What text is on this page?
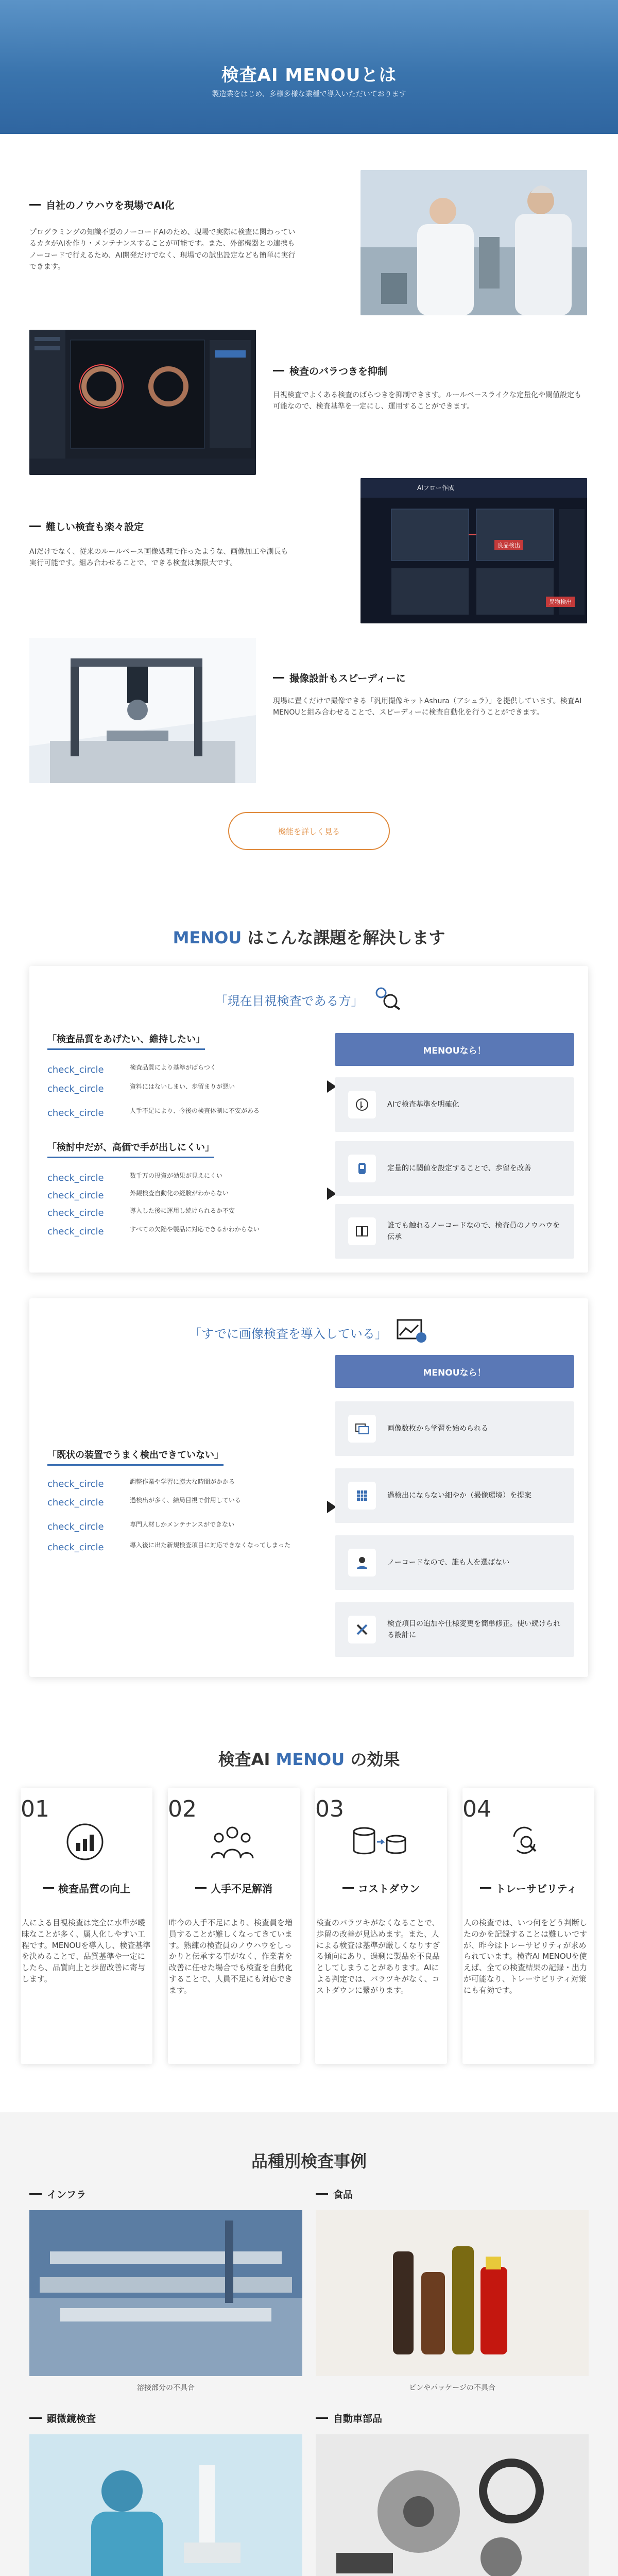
検査AI MENOUとは

製造業をはじめ、多様多様な業種で導入いただいております

自社のノウハウを現場でAI化
プログラミングの知識不要のノーコードAIのため、現場で実際に検査に関わっているカタがAIを作り・メンテナンスすることが可能です。また、外部機器との連携もノーコードで行えるため、AI開発だけでなく、現場での試出設定なども簡単に実行できます。
検査のバラつきを抑制
目視検査でよくある検査のばらつきを抑制できます。ルールベースライクな定量化や閾値設定も可能なので、検査基準を一定にし、運用することができます。
難しい検査も楽々設定
AIだけでなく、従来のルールベース画像処理で作ったような、画像加工や測長も実行可能です。組み合わせることで、できる検査は無限大です。
AIフロー作成
良品検出
異物検出
撮像設計もスピーディーに
現場に置くだけで撮像できる「汎用撮像キットAshura（アシュラ）」を提供しています。検査AI MENOUと組み合わせることで、スピーディーに検査自動化を行うことができます。
機能を詳しく見る
MENOU はこんな課題を解決します
「現在目視検査である方」
「検査品質をあげたい、維持したい」
check_circle	検査品質により基準がばらつく
check_circle	資料にはないしまい、歩留まりが悪い
check_circle	人手不足により、今後の検査体制に不安がある
「検討中だが、高価で手が出しにくい」
check_circle	数千万の投資が効果が見えにくい
check_circle	外観検査自動化の経験がわからない
check_circle	導入した後に運用し続けられるか不安
check_circle	すべての欠陥や製品に対応できるかわからない
MENOUなら！
AIで検査基準を明確化
定量的に閾値を設定することで、歩留を改善
誰でも触れるノーコードなので、検査員のノウハウを伝承
「すでに画像検査を導入している」
MENOUなら！
「既状の装置でうまく検出できていない」
check_circle	調整作業や学習に膨大な時間がかかる
check_circle	過検出が多く、結局目視で併用している
check_circle	専門人材しかメンテナンスができない
check_circle	導入後に出た新規検査項目に対応できなくなってしまった
画像数枚から学習を始められる
過検出にならない細やか（撮像環境）を提案
ノーコードなので、誰も人を選ばない
検査項目の追加や仕様変更を簡単修正。使い続けられる設計に
検査AI MENOU の効果
01
検査品質の向上
人による目視検査は完全に水準が曖昧なことが多く、属人化しやすい工程です。MENOUを導入し、検査基準を決めることで、品質基準や一定にしたら、品質向上と歩留改善に寄与します。
02
人手不足解消
昨今の人手不足により、検査員を増員することが難しくなってきています。熟練の検査員のノウハウをしっかりと伝承する事がなく、作業者を改善に任せた場合でも検査を自動化することで、人員不足にも対応できます。
03
コストダウン
検査のバラツキがなくなることで、歩留の改善が見込めます。また、人による検査は基準が厳しくなりすぎる傾向にあり、過剰に製品を不良品としてしまうことがあります。AIによる判定では、バラツキがなく、コストダウンに繋がります。
04
トレーサビリティ
人の検査では、いつ何をどう判断したのかを記録することは難しいですが、昨今はトレーサビリティが求められています。検査AI MENOUを使えば、全ての検査結果の記録・出力が可能なり、トレーサビリティ対策にも有効です。
品種別検査事例
インフラ
溶接部分の不具合
食品
ビンやパッケージの不具合
顕微鏡検査	自動車部品
